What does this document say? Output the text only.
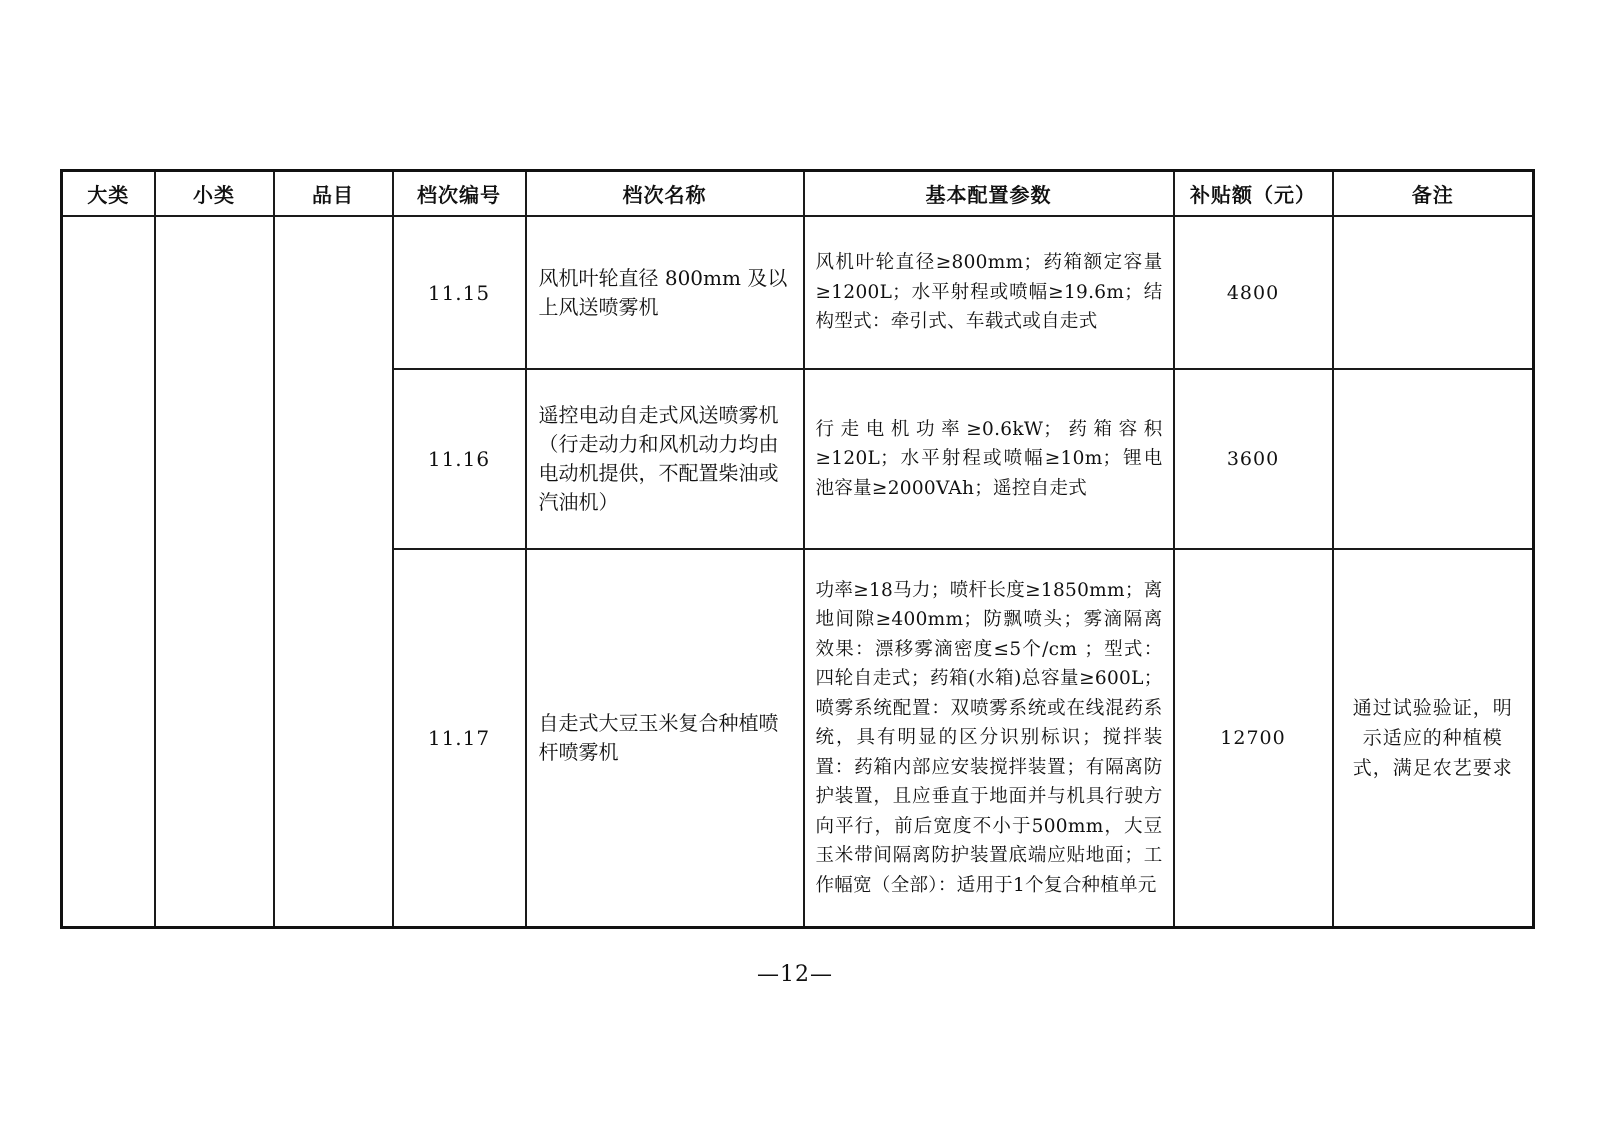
大类	小类	品目	档次编号	档次名称	基本配置参数	补贴额（元）	备注
			11.15	风机叶轮直径 800mm 及以上风送喷雾机	风机叶轮直径≥800mm；药箱额定容量≥1200L；水平射程或喷幅≥19.6m；结构型式：牵引式、车载式或自走式	4800	
			11.16	遥控电动自走式风送喷雾机（行走动力和风机动力均由电动机提供，不配置柴油或汽油机）	行走电机功率≥0.6kW；药箱容积≥120L；水平射程或喷幅≥10m；锂电池容量≥2000VAh；遥控自走式	3600	
			11.17	自走式大豆玉米复合种植喷杆喷雾机	功率≥18马力；喷杆长度≥1850mm；离地间隙≥400mm；防飘喷头；雾滴隔离效果：漂移雾滴密度≤5个/cm ；型式：四轮自走式；药箱(水箱)总容量≥600L；喷雾系统配置：双喷雾系统或在线混药系统，具有明显的区分识别标识；搅拌装置：药箱内部应安装搅拌装置；有隔离防护装置，且应垂直于地面并与机具行驶方向平行，前后宽度不小于500mm，大豆玉米带间隔离防护装置底端应贴地面；工作幅宽（全部）：适用于1个复合种植单元	12700	通过试验验证，明示适应的种植模式，满足农艺要求
—12—
